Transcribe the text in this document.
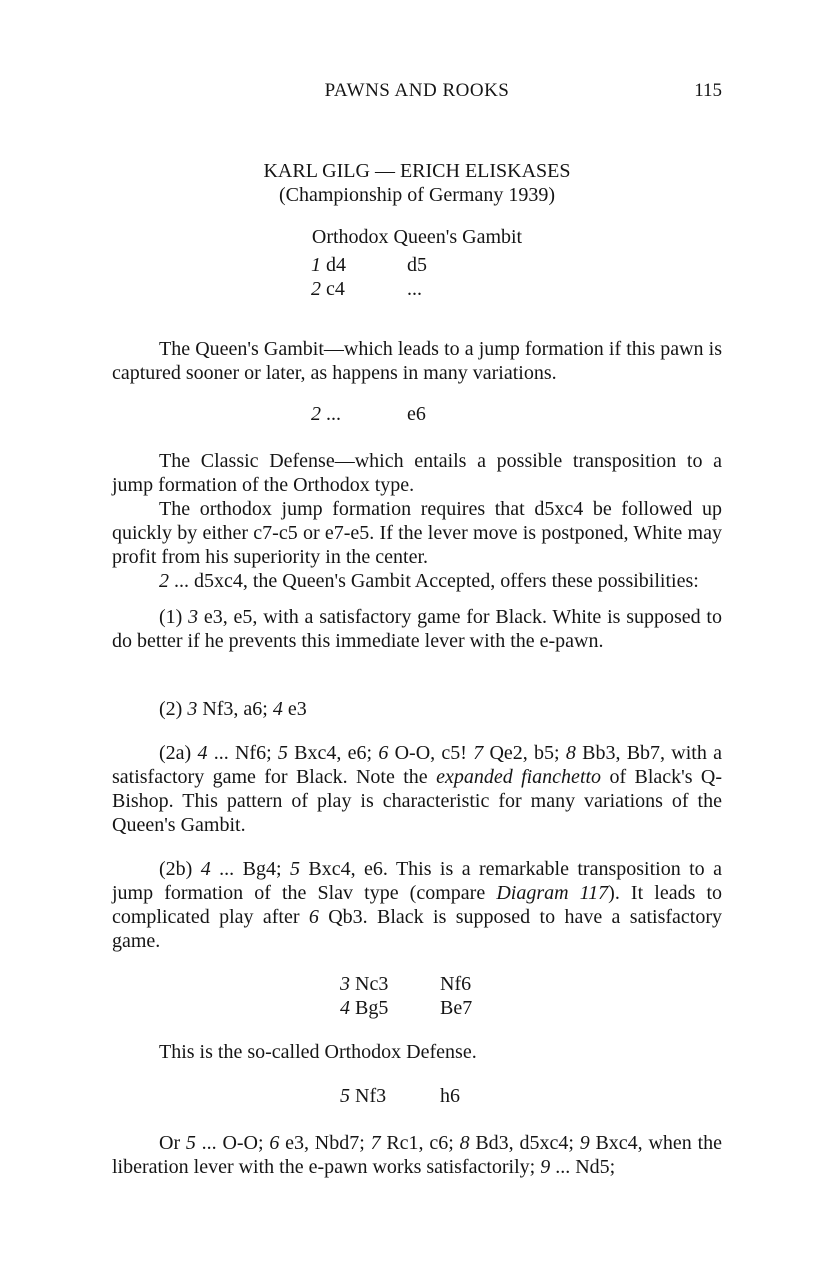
PAWNS AND ROOKS	115
KARL GILG — ERICH ELISKASES
(Championship of Germany 1939)
Orthodox Queen's Gambit
1 d4	d5
2 c4	...

The Queen's Gambit—which leads to a jump formation if this pawn is captured sooner or later, as happens in many variations.

2 ...	e6

The Classic Defense—which entails a possible transposition to a jump formation of the Orthodox type.

The orthodox jump formation requires that d5xc4 be followed up quickly by either c7-c5 or e7-e5. If the lever move is postponed, White may profit from his superiority in the center.

2 ... d5xc4, the Queen's Gambit Accepted, offers these possibilities:

(1) 3 e3, e5, with a satisfactory game for Black. White is supposed to do better if he prevents this immediate lever with the e-pawn.

(2) 3 Nf3, a6; 4 e3

(2a) 4 ... Nf6; 5 Bxc4, e6; 6 O-O, c5! 7 Qe2, b5; 8 Bb3, Bb7, with a satisfactory game for Black. Note the expanded fianchetto of Black's Q- Bishop. This pattern of play is characteristic for many variations of the Queen's Gambit.

(2b) 4 ... Bg4; 5 Bxc4, e6. This is a remarkable transposition to a jump formation of the Slav type (compare Diagram 117). It leads to complicated play after 6 Qb3. Black is supposed to have a satisfactory game.

3 Nc3	Nf6
4 Bg5	Be7

This is the so-called Orthodox Defense.

5 Nf3	h6

Or 5 ... O-O; 6 e3, Nbd7; 7 Rc1, c6; 8 Bd3, d5xc4; 9 Bxc4, when the liberation lever with the e-pawn works satisfactorily; 9 ... Nd5;
